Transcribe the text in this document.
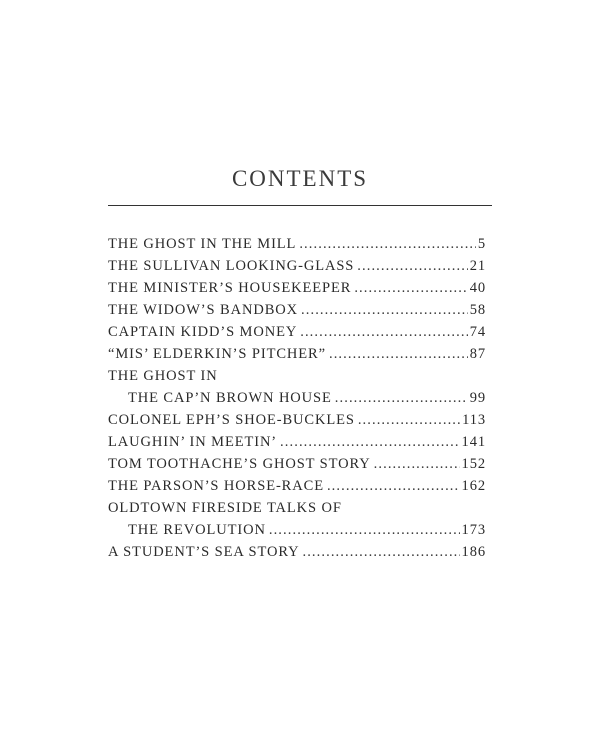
CONTENTS
THE GHOST IN THE MILL .....	5
THE SULLIVAN LOOKING-GLASS .....	21
THE MINISTER’S HOUSEKEEPER .....	40
THE WIDOW’S BANDBOX .....	58
CAPTAIN KIDD’S MONEY .....	74
“MIS’ ELDERKIN’S PITCHER” .....	87
THE GHOST IN
THE CAP’N BROWN HOUSE .....	99
COLONEL EPH’S SHOE-BUCKLES .....	113
LAUGHIN’ IN MEETIN’ .....	141
TOM TOOTHACHE’S GHOST STORY .....	152
THE PARSON’S HORSE-RACE .....	162
OLDTOWN FIRESIDE TALKS OF
THE REVOLUTION .....	173
A STUDENT’S SEA STORY .....	186
